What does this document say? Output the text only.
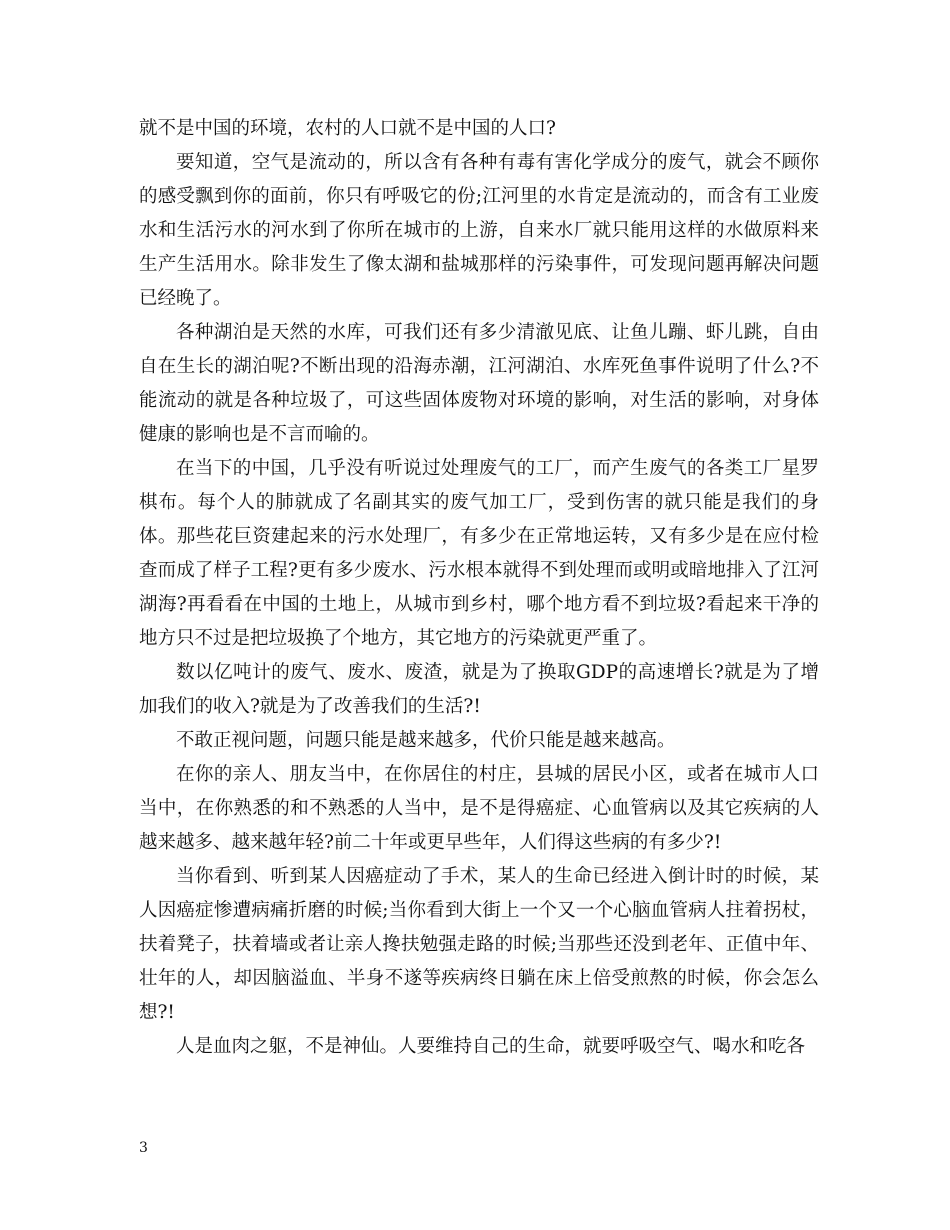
就不是中国的环境，农村的人口就不是中国的人口?

要知道，空气是流动的，所以含有各种有毒有害化学成分的废气，就会不顾你的感受飘到你的面前，你只有呼吸它的份;江河里的水肯定是流动的，而含有工业废水和生活污水的河水到了你所在城市的上游，自来水厂就只能用这样的水做原料来生产生活用水。除非发生了像太湖和盐城那样的污染事件，可发现问题再解决问题已经晚了。

各种湖泊是天然的水库，可我们还有多少清澈见底、让鱼儿蹦、虾儿跳，自由自在生长的湖泊呢?不断出现的沿海赤潮，江河湖泊、水库死鱼事件说明了什么?不能流动的就是各种垃圾了，可这些固体废物对环境的影响，对生活的影响，对身体健康的影响也是不言而喻的。

在当下的中国，几乎没有听说过处理废气的工厂，而产生废气的各类工厂星罗棋布。每个人的肺就成了名副其实的废气加工厂，受到伤害的就只能是我们的身体。那些花巨资建起来的污水处理厂，有多少在正常地运转，又有多少是在应付检查而成了样子工程?更有多少废水、污水根本就得不到处理而或明或暗地排入了江河湖海?再看看在中国的土地上，从城市到乡村，哪个地方看不到垃圾?看起来干净的地方只不过是把垃圾换了个地方，其它地方的污染就更严重了。

数以亿吨计的废气、废水、废渣，就是为了换取GDP的高速增长?就是为了增加我们的收入?就是为了改善我们的生活?!

不敢正视问题，问题只能是越来越多，代价只能是越来越高。

在你的亲人、朋友当中，在你居住的村庄，县城的居民小区，或者在城市人口当中，在你熟悉的和不熟悉的人当中，是不是得癌症、心血管病以及其它疾病的人越来越多、越来越年轻?前二十年或更早些年，人们得这些病的有多少?!

当你看到、听到某人因癌症动了手术，某人的生命已经进入倒计时的时候，某人因癌症惨遭病痛折磨的时候;当你看到大街上一个又一个心脑血管病人拄着拐杖，扶着凳子，扶着墙或者让亲人搀扶勉强走路的时候;当那些还没到老年、正值中年、壮年的人，却因脑溢血、半身不遂等疾病终日躺在床上倍受煎熬的时候，你会怎么想?!

人是血肉之躯，不是神仙。人要维持自己的生命，就要呼吸空气、喝水和吃各

3
